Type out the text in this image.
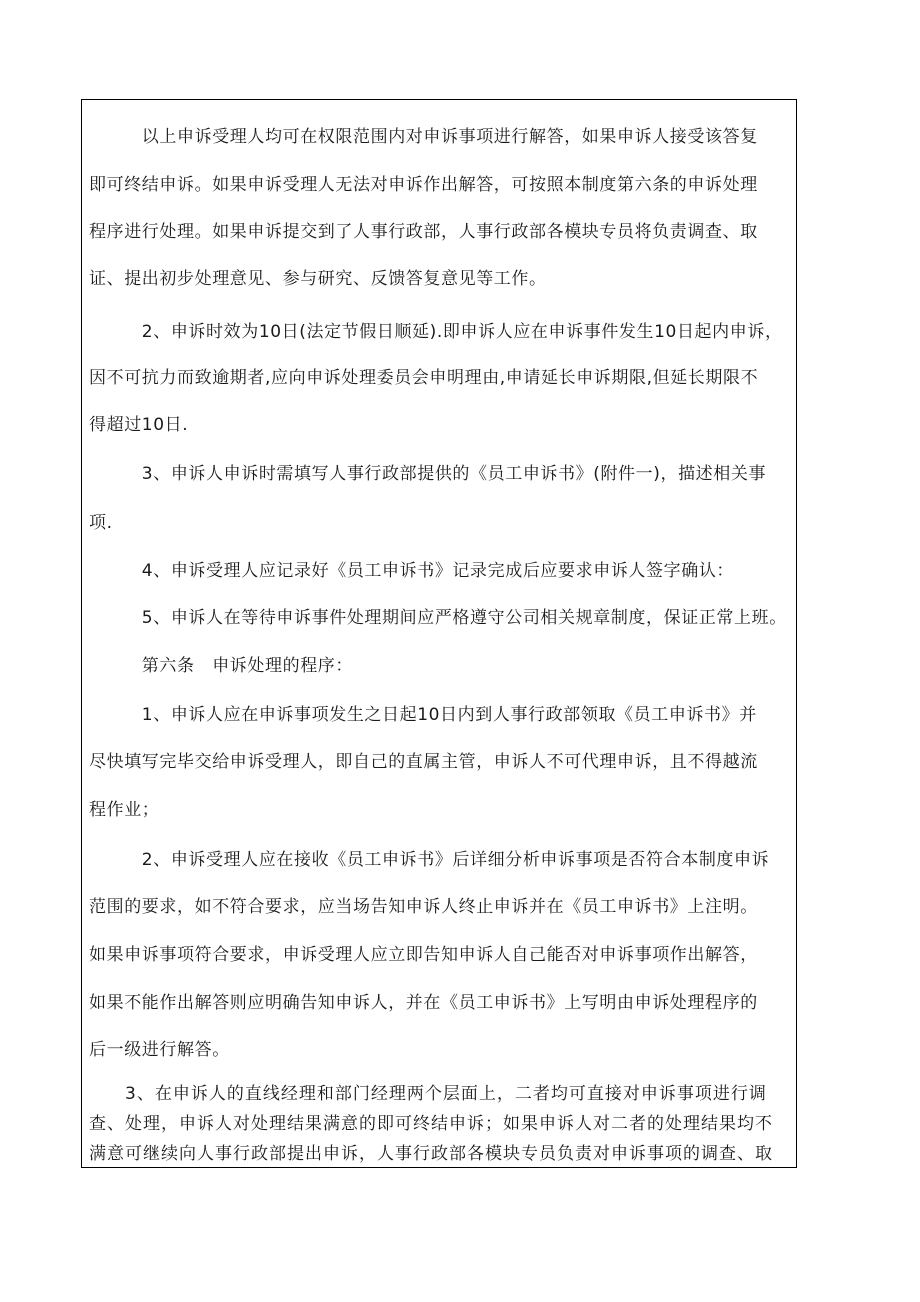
　　　以上申诉受理人均可在权限范围内对申诉事项进行解答，如果申诉人接受该答复
即可终结申诉。如果申诉受理人无法对申诉作出解答，可按照本制度第六条的申诉处理
程序进行处理。如果申诉提交到了人事行政部，人事行政部各模块专员将负责调查、取
证、提出初步处理意见、参与研究、反馈答复意见等工作。
　　　2、申诉时效为10日(法定节假日顺延).即申诉人应在申诉事件发生10日起内申诉，
因不可抗力而致逾期者,应向申诉处理委员会申明理由,申请延长申诉期限,但延长期限不
得超过10日.
　　　3、申诉人申诉时需填写人事行政部提供的《员工申诉书》(附件一)，描述相关事
项.
　　　4、申诉受理人应记录好《员工申诉书》记录完成后应要求申诉人签字确认：
　　　5、申诉人在等待申诉事件处理期间应严格遵守公司相关规章制度，保证正常上班。
　　　第六条　申诉处理的程序：
　　　1、申诉人应在申诉事项发生之日起10日内到人事行政部领取《员工申诉书》并
尽快填写完毕交给申诉受理人，即自己的直属主管，申诉人不可代理申诉，且不得越流
程作业；
　　　2、申诉受理人应在接收《员工申诉书》后详细分析申诉事项是否符合本制度申诉
范围的要求，如不符合要求，应当场告知申诉人终止申诉并在《员工申诉书》上注明。
如果申诉事项符合要求，申诉受理人应立即告知申诉人自己能否对申诉事项作出解答，
如果不能作出解答则应明确告知申诉人，并在《员工申诉书》上写明由申诉处理程序的
后一级进行解答。
　　3、在申诉人的直线经理和部门经理两个层面上，二者均可直接对申诉事项进行调
查、处理，申诉人对处理结果满意的即可终结申诉；如果申诉人对二者的处理结果均不
满意可继续向人事行政部提出申诉，人事行政部各模块专员负责对申诉事项的调查、取
